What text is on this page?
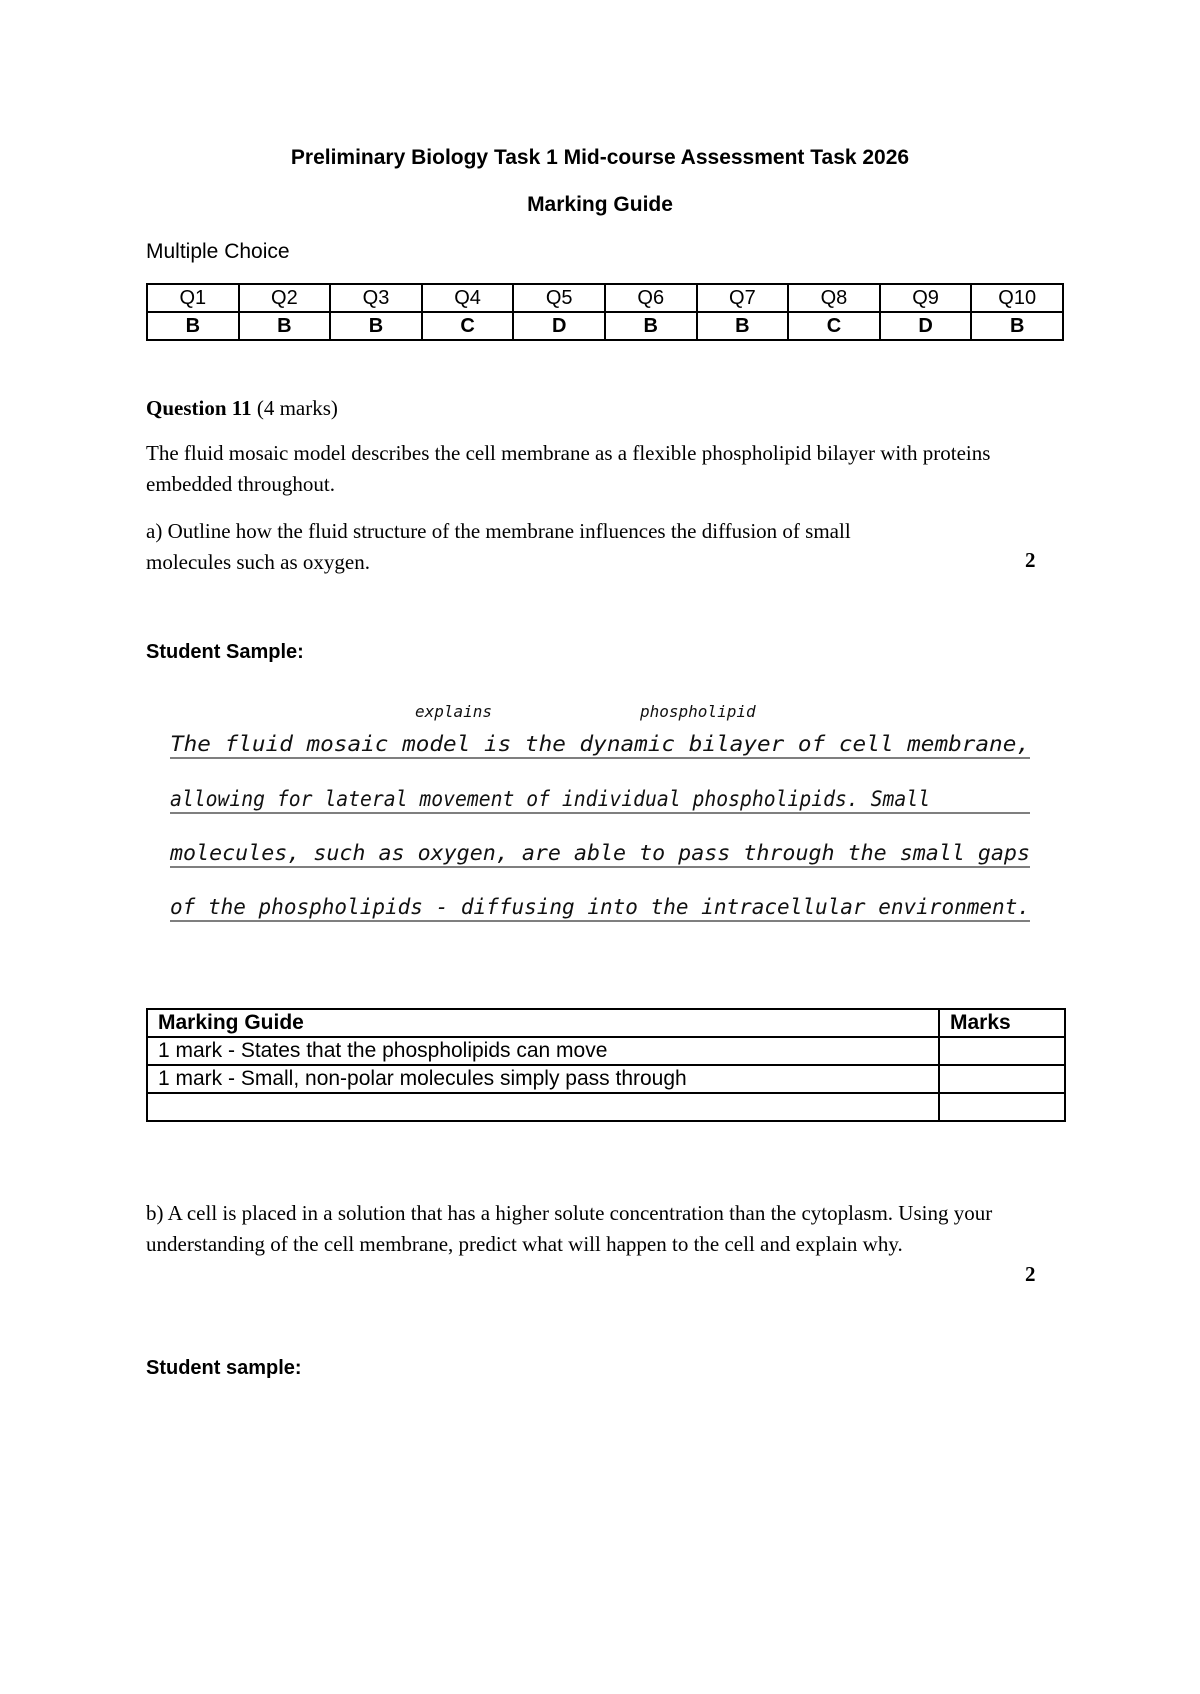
Preliminary Biology Task 1 Mid-course Assessment Task 2026
Marking Guide
Multiple Choice
Q1	Q2	Q3	Q4	Q5	Q6	Q7	Q8	Q9	Q10
B	B	B	C	D	B	B	C	D	B
Question 11 (4 marks)
The fluid mosaic model describes the cell membrane as a flexible phospholipid bilayer with proteins embedded throughout.
a) Outline how the fluid structure of the membrane influences the diffusion of small molecules such as oxygen.	2
Student Sample:
explains	phospholipid
The fluid mosaic model is the dynamic bilayer of cell membrane,
allowing for lateral movement of individual phospholipids. Small
molecules, such as oxygen, are able to pass through the small gaps
of the phospholipids - diffusing into the intracellular environment.
Marking Guide	Marks
1 mark - States that the phospholipids can move	
1 mark - Small, non-polar molecules simply pass through	

b) A cell is placed in a solution that has a higher solute concentration than the cytoplasm. Using your understanding of the cell membrane, predict what will happen to the cell and explain why.
2
Student sample:
